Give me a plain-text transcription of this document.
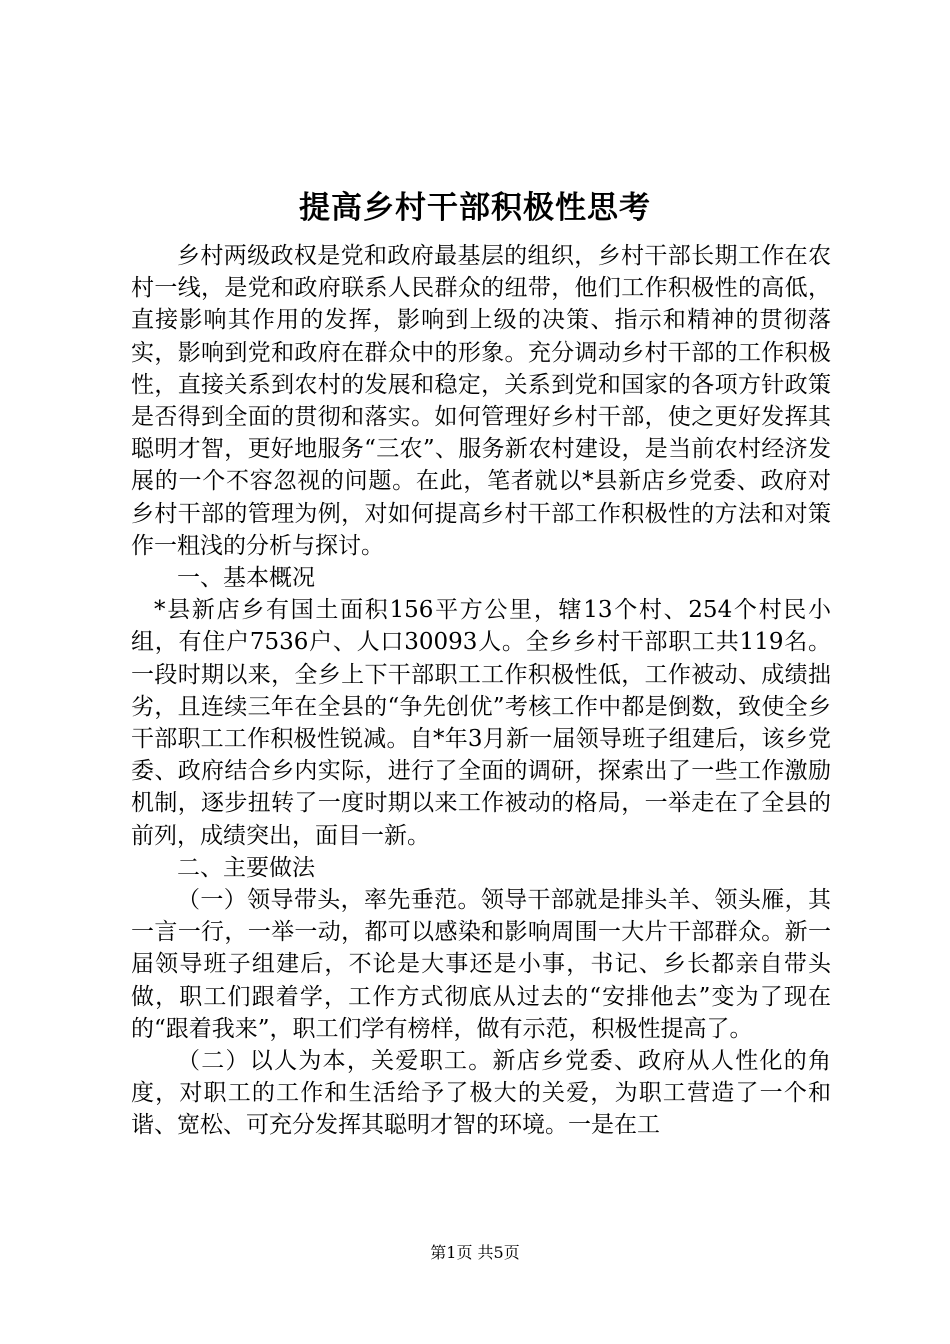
提高乡村干部积极性思考

乡村两级政权是党和政府最基层的组织，乡村干部长期工作在农村一线，是党和政府联系人民群众的纽带，他们工作积极性的高低，直接影响其作用的发挥，影响到上级的决策、指示和精神的贯彻落实，影响到党和政府在群众中的形象。充分调动乡村干部的工作积极性，直接关系到农村的发展和稳定，关系到党和国家的各项方针政策是否得到全面的贯彻和落实。如何管理好乡村干部，使之更好发挥其聪明才智，更好地服务“三农”、服务新农村建设，是当前农村经济发展的一个不容忽视的问题。在此，笔者就以*县新店乡党委、政府对乡村干部的管理为例，对如何提高乡村干部工作积极性的方法和对策作一粗浅的分析与探讨。

一、基本概况

*县新店乡有国土面积156平方公里，辖13个村、254个村民小组，有住户7536户、人口30093人。全乡乡村干部职工共119名。一段时期以来，全乡上下干部职工工作积极性低，工作被动、成绩拙劣，且连续三年在全县的“争先创优”考核工作中都是倒数，致使全乡干部职工工作积极性锐减。自*年3月新一届领导班子组建后，该乡党委、政府结合乡内实际，进行了全面的调研，探索出了一些工作激励机制，逐步扭转了一度时期以来工作被动的格局，一举走在了全县的前列，成绩突出，面目一新。

二、主要做法

（一）领导带头，率先垂范。领导干部就是排头羊、领头雁，其一言一行，一举一动，都可以感染和影响周围一大片干部群众。新一届领导班子组建后，不论是大事还是小事，书记、乡长都亲自带头做，职工们跟着学，工作方式彻底从过去的“安排他去”变为了现在的“跟着我来”，职工们学有榜样，做有示范，积极性提高了。

（二）以人为本，关爱职工。新店乡党委、政府从人性化的角度，对职工的工作和生活给予了极大的关爱，为职工营造了一个和谐、宽松、可充分发挥其聪明才智的环境。一是在工

第1页 共5页
